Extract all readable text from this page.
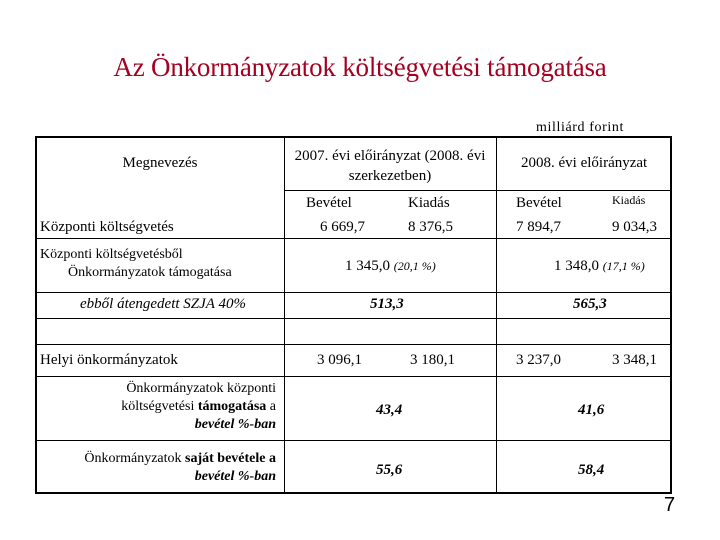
Az Önkormányzatok költségvetési támogatása
milliárd forint
Megnevezés	2007. évi előirányzat (2008. évi szerkezetben)
2008. évi előirányzat
Bevétel	Kiadás	Bevétel	Kiadás
Központi költségvetés	6 669,7	8 376,5	7 894,7	9 034,3
Központi költségvetésből
Önkormányzatok támogatása	1 345,0 (20,1 %)	1 348,0 (17,1 %)
ebből átengedett SZJA 40%	513,3	565,3
Helyi önkormányzatok	3 096,1	3 180,1	3 237,0	3 348,1
Önkormányzatok központi
költségvetési támogatása a
bevétel %-ban
43,4	41,6
Önkormányzatok saját bevétele a
bevétel %-ban	55,6	58,4
7
